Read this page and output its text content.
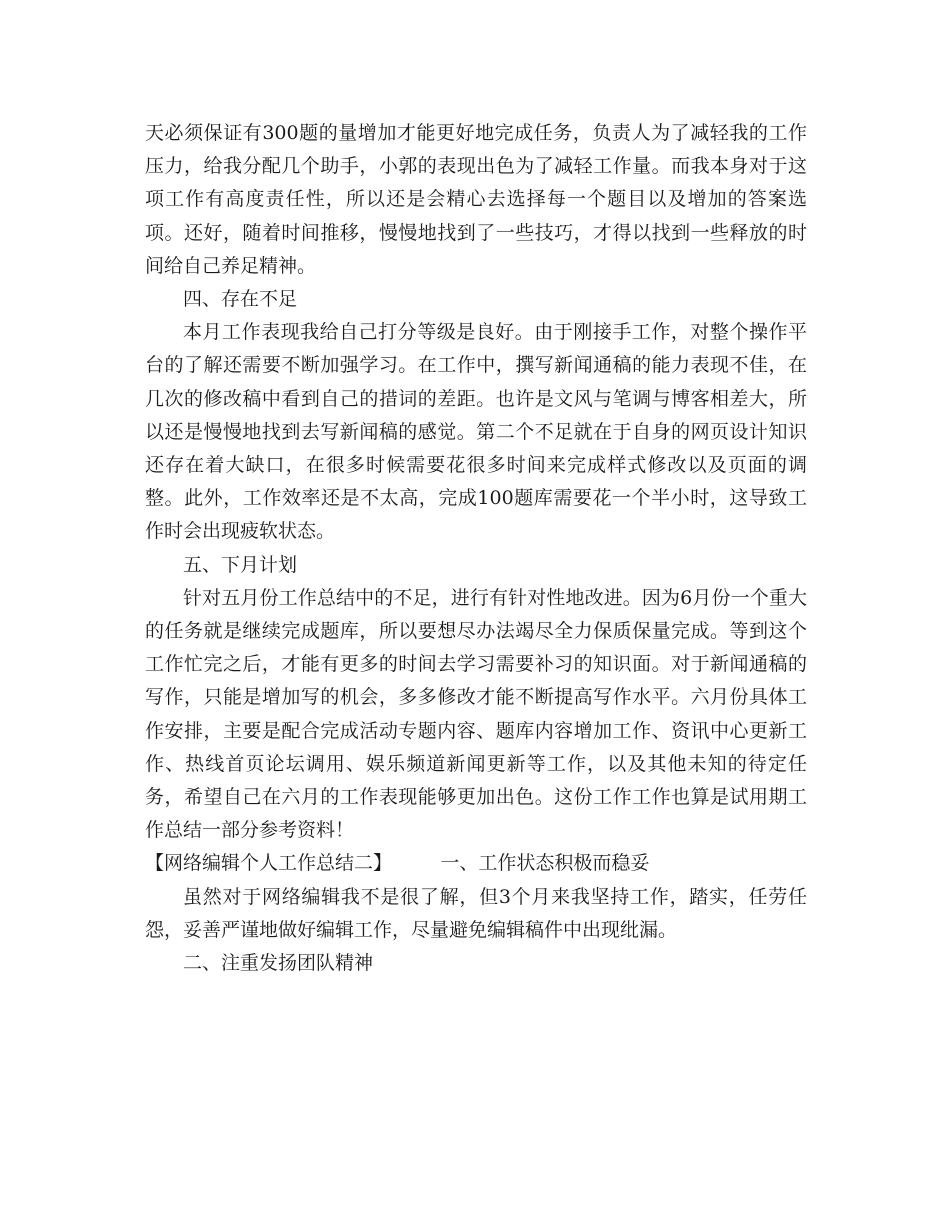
天必须保证有300题的量增加才能更好地完成任务，负责人为了减轻我的工作压力，给我分配几个助手，小郭的表现出色为了减轻工作量。而我本身对于这项工作有高度责任性，所以还是会精心去选择每一个题目以及增加的答案选项。还好，随着时间推移，慢慢地找到了一些技巧，才得以找到一些释放的时间给自己养足精神。

四、存在不足

本月工作表现我给自己打分等级是良好。由于刚接手工作，对整个操作平台的了解还需要不断加强学习。在工作中，撰写新闻通稿的能力表现不佳，在几次的修改稿中看到自己的措词的差距。也许是文风与笔调与博客相差大，所以还是慢慢地找到去写新闻稿的感觉。第二个不足就在于自身的网页设计知识还存在着大缺口，在很多时候需要花很多时间来完成样式修改以及页面的调整。此外，工作效率还是不太高，完成100题库需要花一个半小时，这导致工作时会出现疲软状态。

五、下月计划

针对五月份工作总结中的不足，进行有针对性地改进。因为6月份一个重大的任务就是继续完成题库，所以要想尽办法竭尽全力保质保量完成。等到这个工作忙完之后，才能有更多的时间去学习需要补习的知识面。对于新闻通稿的写作，只能是增加写的机会，多多修改才能不断提高写作水平。六月份具体工作安排，主要是配合完成活动专题内容、题库内容增加工作、资讯中心更新工作、热线首页论坛调用、娱乐频道新闻更新等工作，以及其他未知的待定任务，希望自己在六月的工作表现能够更加出色。这份工作工作也算是试用期工作总结一部分参考资料！

【网络编辑个人工作总结二】	一、工作状态积极而稳妥

虽然对于网络编辑我不是很了解，但3个月来我坚持工作，踏实，任劳任怨，妥善严谨地做好编辑工作，尽量避免编辑稿件中出现纰漏。

二、注重发扬团队精神
